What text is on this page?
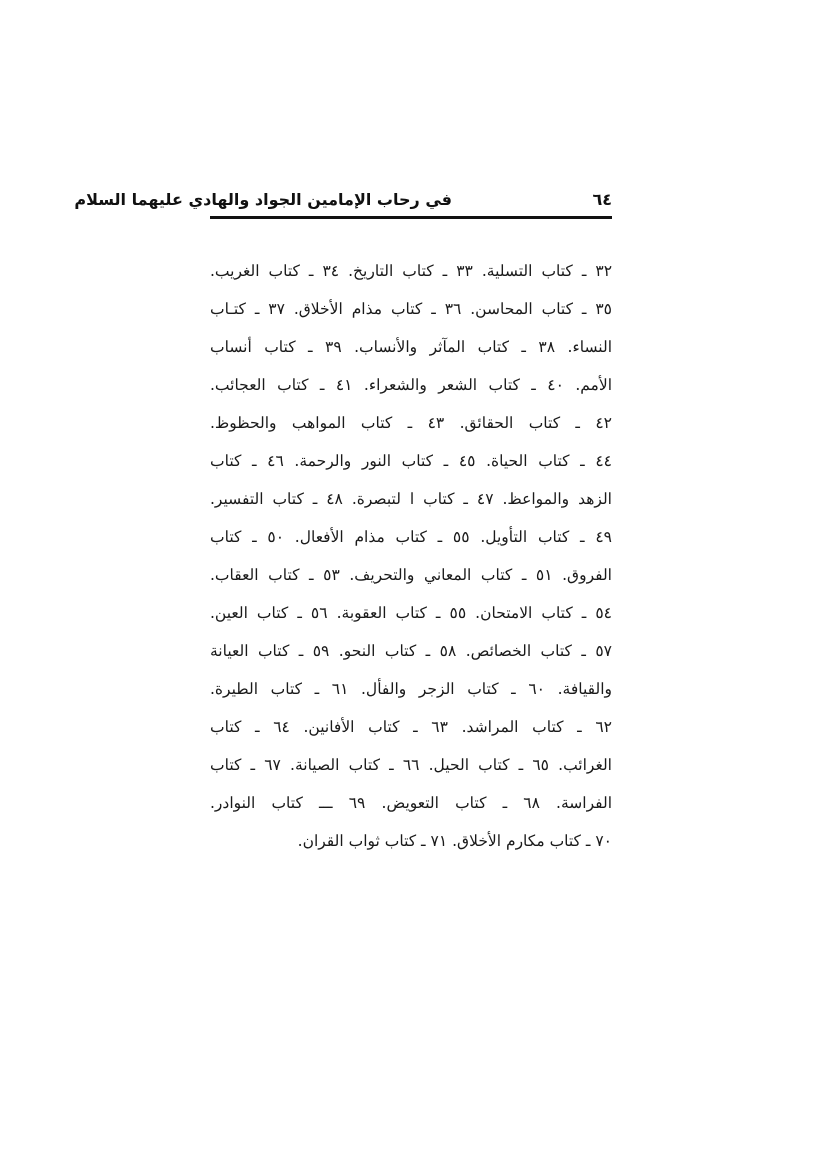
٦٤
في رحاب الإمامين الجواد والهادي عليهما السلام
٣٢ ـ كتاب التسلية. ٣٣ ـ كتاب التاريخ. ٣٤ ـ كتاب الغريب.
٣٥ ـ كتاب المحاسن. ٣٦ ـ كتاب مذام الأخلاق. ٣٧ ـ كتـاب
النساء. ٣٨ ـ كتاب المآثر والأنساب. ٣٩ ـ كتاب أنساب
الأمم. ٤٠ ـ كتاب الشعر والشعراء. ٤١ ـ كتاب العجائب.
٤٢ ـ كتاب الحقائق. ٤٣ ـ كتاب المواهب والحظوظ.
٤٤ ـ كتاب الحياة. ٤٥ ـ كتاب النور والرحمة. ٤٦ ـ كتاب
الزهد والمواعظ. ٤٧ ـ كتاب ا لتبصرة. ٤٨ ـ كتاب التفسير.
٤٩ ـ كتاب التأويل. ٥٥ ـ كتاب مذام الأفعال. ٥٠ ـ كتاب
الفروق. ٥١ ـ كتاب المعاني والتحريف. ٥٣ ـ كتاب العقاب.
٥٤ ـ كتاب الامتحان. ٥٥ ـ كتاب العقوبة. ٥٦ ـ كتاب العين.
٥٧ ـ كتاب الخصائص. ٥٨ ـ كتاب النحو. ٥٩ ـ كتاب العيانة
والقيافة. ٦٠ ـ كتاب الزجر والفأل. ٦١ ـ كتاب الطيرة.
٦٢ ـ كتاب المراشد. ٦٣ ـ كتاب الأفانين. ٦٤ ـ كتاب
الغرائب. ٦٥ ـ كتاب الحيل. ٦٦ ـ كتاب الصيانة. ٦٧ ـ كتاب
الفراسة. ٦٨ ـ كتاب التعويض. ٦٩ ـــ كتاب النوادر.
٧٠ ـ كتاب مكارم الأخلاق. ٧١ ـ كتاب ثواب القران.
